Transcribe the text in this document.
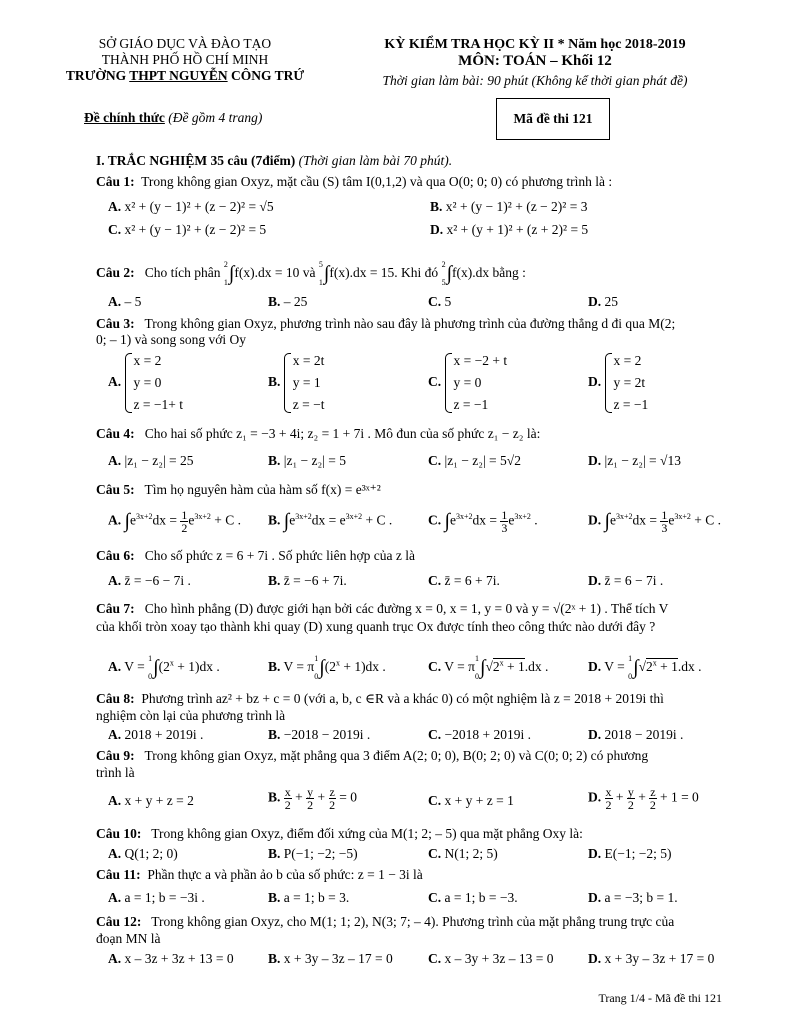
SỞ GIÁO DỤC VÀ ĐÀO TẠO
THÀNH PHỐ HỒ CHÍ MINH
TRƯỜNG THPT NGUYỄN CÔNG TRỨ
KỲ KIỂM TRA HỌC KỲ II * Năm học 2018-2019
MÔN: TOÁN – Khối 12
Thời gian làm bài: 90 phút (Không kể thời gian phát đề)
Đề chính thức (Đề gồm 4 trang)	Mã đề thi 121
I. TRẮC NGHIỆM 35 câu (7điểm) (Thời gian làm bài 70 phút).
Câu 1: Trong không gian Oxyz, mặt cầu (S) tâm I(0,1,2) và qua O(0; 0; 0) có phương trình là :
A. x² + (y − 1)² + (z − 2)² = √5	B. x² + (y − 1)² + (z − 2)² = 3
C. x² + (y − 1)² + (z − 2)² = 5	D. x² + (y + 1)² + (z + 2)² = 5
Câu 2: Cho tích phân
2
1 ∫f(x).dx = 10 và
5
1 ∫f(x).dx = 15. Khi đó
2
5 ∫f(x).dx bằng :
A. – 5	B. – 25	C. 5	D. 25
Câu 3: Trong không gian Oxyz, phương trình nào sau đây là phương trình của đường thẳng d đi qua M(2;
0; – 1) và song song với Oy
A.
x = 2
y = 0
z = −1+ t
B.
x = 2t
y = 1
z = −t
C.
x = −2 + t
y = 0
z = −1
D.
x = 2
y = 2t
z = −1
Câu 4: Cho hai số phức z₁ = −3 + 4i; z₂ = 1 + 7i . Mô đun của số phức z₁ − z₂ là:
A. |z₁ − z₂| = 25	B. |z₁ − z₂| = 5	C. |z₁ − z₂| = 5√2	D. |z₁ − z₂| = √13
Câu 5: Tìm họ nguyên hàm của hàm số f(x) = e³ˣ⁺²
A. $\int e^{3x+2}dx = \frac{1}{2} e^{3x+2} + C$ . B. $\int e^{3x+2}dx = e^{3x+2} + C$ .	C. $\int e^{3x+2}dx = \frac{1}{3} e^{3x+2}$ .	D. $\int e^{3x+2}dx = \frac{1}{3} e^{3x+2} + C$ .
Câu 6: Cho số phức z = 6 + 7i . Số phức liên hợp của z là
A. z̄ = −6 − 7i .	B. z̄ = −6 + 7i.	C. z̄ = 6 + 7i.	D. z̄ = 6 − 7i .
Câu 7: Cho hình phẳng (D) được giới hạn bởi các đường x = 0, x = 1, y = 0 và y = √(2ˣ + 1) . Thể tích V
của khối tròn xoay tạo thành khi quay (D) xung quanh trục Ox được tính theo công thức nào dưới đây ?
A. V =
1
0 $\int(2^x + 1)dx$ .	B. V = π
1
0 $\int(2^x + 1)dx$ .	C. V = π
1
0 $\int√2^x + 1.dx$ .	D. V =
1
0 $\int√2^x + 1.dx$ .
Câu 8: Phương trình az² + bz + c = 0 (với a, b, c ∈R và a khác 0) có một nghiệm là z = 2018 + 2019i thì
nghiệm còn lại của phương trình là
A. 2018 + 2019i .	B. −2018 − 2019i .	C. −2018 + 2019i .	D. 2018 − 2019i .
Câu 9: Trong không gian Oxyz, mặt phẳng qua 3 điểm A(2; 0; 0), B(0; 2; 0) và C(0; 0; 2) có phương
trình là
A. x + y + z = 2	B. $\frac{x}{2} + \frac{y}{2} + \frac{z}{2} = 0$	C. x + y + z = 1	D. $\frac{x}{2} + \frac{y}{2} + \frac{z}{2} + 1 = 0$
Câu 10: Trong không gian Oxyz, điểm đối xứng của M(1; 2; – 5) qua mặt phẳng Oxy là:
A. Q(1; 2; 0)	B. P(−1; −2; −5)	C. N(1; 2; 5)	D. E(−1; −2; 5)
Câu 11: Phần thực a và phần ảo b của số phức: z = 1 − 3i là
A. a = 1; b = −3i .	B. a = 1; b = 3.	C. a = 1; b = −3.	D. a = −3; b = 1.
Câu 12: Trong không gian Oxyz, cho M(1; 1; 2), N(3; 7; – 4). Phương trình của mặt phẳng trung trực của
đoạn MN là
A. x – 3z + 3z + 13 = 0	B. x + 3y – 3z – 17 = 0	C. x – 3y + 3z – 13 = 0	D. x + 3y – 3z + 17 = 0
Trang 1/4 - Mã đề thi 121
